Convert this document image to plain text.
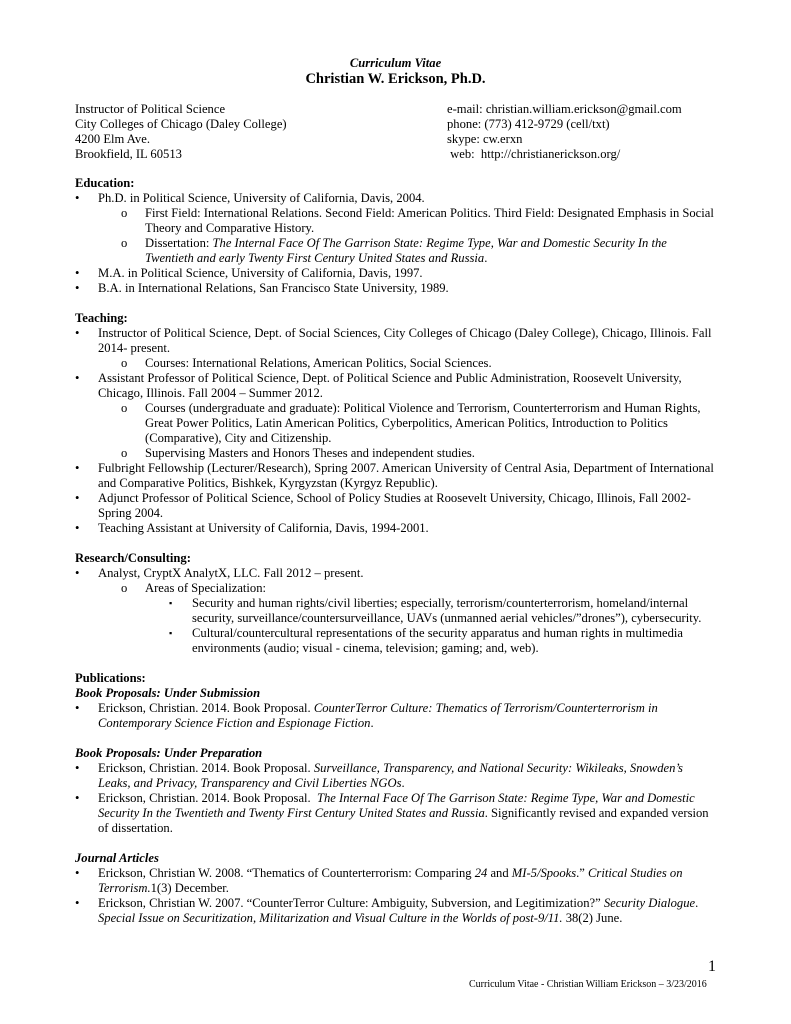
Curriculum Vitae
Christian W. Erickson, Ph.D.
Instructor of Political Science
City Colleges of Chicago (Daley College)
4200 Elm Ave.
Brookfield, IL 60513
e-mail: christian.william.erickson@gmail.com
phone: (773) 412-9729 (cell/txt)
skype: cw.erxn
web:  http://christianerickson.org/

Education:

•	Ph.D. in Political Science, University of California, Davis, 2004.

o First Field: International Relations. Second Field: American Politics. Third Field: Designated Emphasis in Social Theory and Comparative History.

o Dissertation: The Internal Face Of The Garrison State: Regime Type, War and Domestic Security In the Twentieth and early Twenty First Century United States and Russia.

•	M.A. in Political Science, University of California, Davis, 1997.

•	B.A. in International Relations, San Francisco State University, 1989.

Teaching:

•	Instructor of Political Science, Dept. of Social Sciences, City Colleges of Chicago (Daley College), Chicago, Illinois. Fall 2014- present.

o Courses: International Relations, American Politics, Social Sciences.

•	Assistant Professor of Political Science, Dept. of Political Science and Public Administration, Roosevelt University, Chicago, Illinois. Fall 2004 – Summer 2012.

o Courses (undergraduate and graduate): Political Violence and Terrorism, Counterterrorism and Human Rights, Great Power Politics, Latin American Politics, Cyberpolitics, American Politics, Introduction to Politics (Comparative), City and Citizenship.

o Supervising Masters and Honors Theses and independent studies.

•	Fulbright Fellowship (Lecturer/Research), Spring 2007. American University of Central Asia, Department of International and Comparative Politics, Bishkek, Kyrgyzstan (Kyrgyz Republic).

•	Adjunct Professor of Political Science, School of Policy Studies at Roosevelt University, Chicago, Illinois, Fall 2002-Spring 2004.

•	Teaching Assistant at University of California, Davis, 1994-2001.

Research/Consulting:

•	Analyst, CryptX AnalytX, LLC. Fall 2012 – present.

o Areas of Specialization:

▪ Security and human rights/civil liberties; especially, terrorism/counterterrorism, homeland/internal security, surveillance/countersurveillance, UAVs (unmanned aerial vehicles/”drones”), cybersecurity.

▪ Cultural/countercultural representations of the security apparatus and human rights in multimedia environments (audio; visual - cinema, television; gaming; and, web).

Publications:

Book Proposals: Under Submission

•	Erickson, Christian. 2014. Book Proposal. CounterTerror Culture: Thematics of Terrorism/Counterterrorism in Contemporary Science Fiction and Espionage Fiction.

Book Proposals: Under Preparation

•	Erickson, Christian. 2014. Book Proposal. Surveillance, Transparency, and National Security: Wikileaks, Snowden’s Leaks, and Privacy, Transparency and Civil Liberties NGOs.

•	Erickson, Christian. 2014. Book Proposal.  The Internal Face Of The Garrison State: Regime Type, War and Domestic Security In the Twentieth and Twenty First Century United States and Russia. Significantly revised and expanded version of dissertation.

Journal Articles

•	Erickson, Christian W. 2008. “Thematics of Counterterrorism: Comparing 24 and MI-5/Spooks.” Critical Studies on Terrorism.1(3) December.

•	Erickson, Christian W. 2007. “CounterTerror Culture: Ambiguity, Subversion, and Legitimization?” Security Dialogue. Special Issue on Securitization, Militarization and Visual Culture in the Worlds of post-9/11. 38(2) June.

1
Curriculum Vitae - Christian William Erickson – 3/23/2016
